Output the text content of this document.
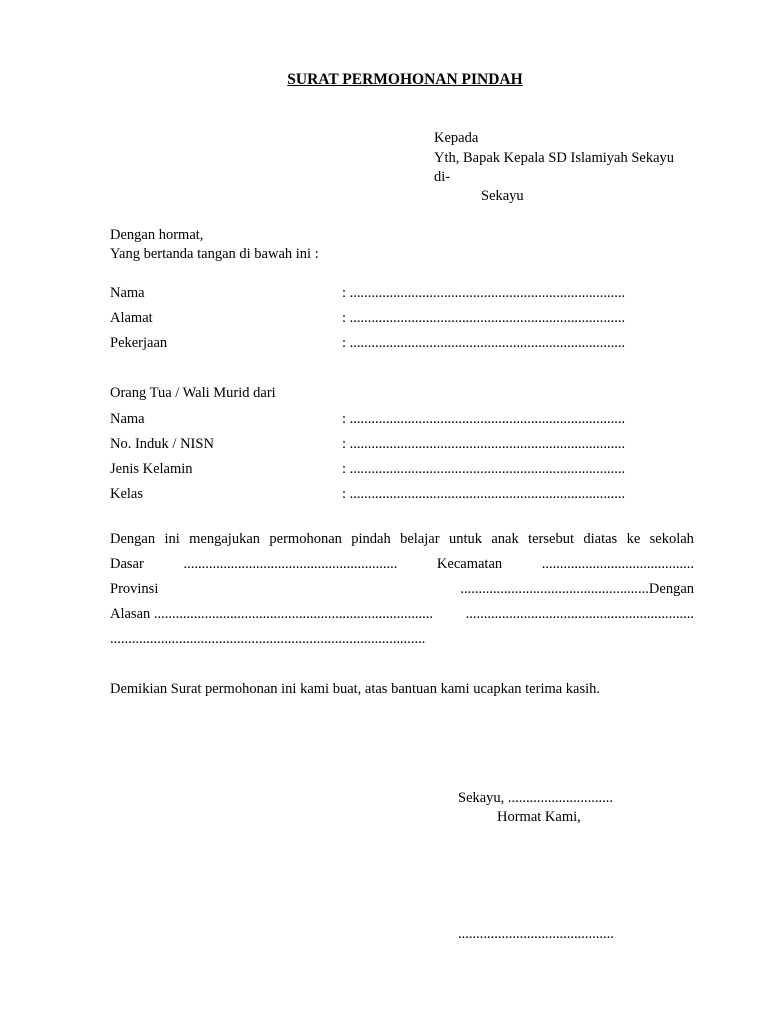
SURAT PERMOHONAN PINDAH
Kepada
Yth, Bapak Kepala SD Islamiyah Sekayu
di-
Sekayu
Dengan hormat,
Yang bertanda tangan di bawah ini :
Nama	: ............................................................................
Alamat	: ............................................................................
Pekerjaan	: ............................................................................
Orang Tua / Wali Murid dari
Nama	: ............................................................................
No. Induk / NISN	: ............................................................................
Jenis Kelamin	: ............................................................................
Kelas	: ............................................................................
Dengan ini mengajukan permohonan pindah belajar untuk anak tersebut diatas ke sekolah
Dasar	...........................................................	Kecamatan	..........................................
Provinsi	....................................................Dengan
Alasan ............................................................................. ...............................................................
.......................................................................................
Demikian Surat permohonan ini kami buat, atas bantuan kami ucapkan terima kasih.
Sekayu, .............................
Hormat Kami,
...........................................
